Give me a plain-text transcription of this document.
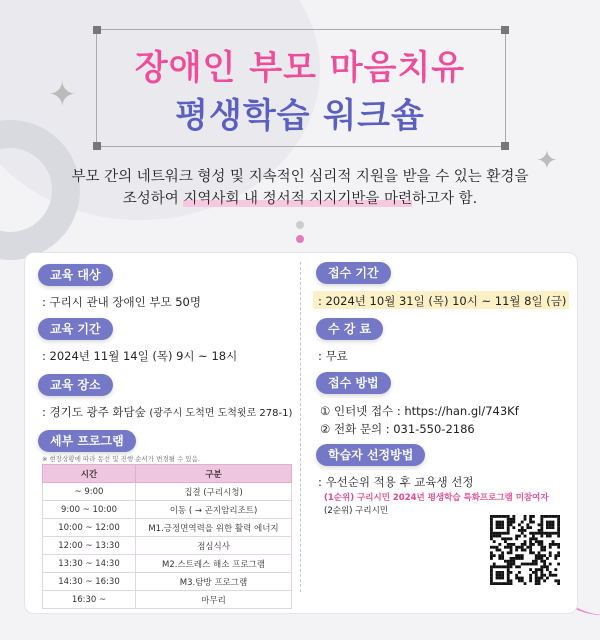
✦
✦
장애인 부모 마음치유
평생학습 워크숍
부모 간의 네트워크 형성 및 지속적인 심리적 지원을 받을 수 있는 환경을
조성하여 지역사회 내 정서적 지지기반을 마련하고자 함.
교육 대상
: 구리시 관내 장애인 부모 50명
교육 기간
: 2024년 11월 14일 (목) 9시 ~ 18시
교육 장소
: 경기도 광주 화담숲 (광주시 도척면 도척윗로 278-1)
세부 프로그램
※ 현장상황에 따라 동선 및 진행 순서가 변경될 수 있음.
시간	구분
~ 9:00	집결 (구리시청)
9:00 ~ 10:00	이동 ( → 곤지암리조트)
10:00 ~ 12:00	M1.긍정면역력을 위한 활력 에너지
12:00 ~ 13:30	점심식사
13:30 ~ 14:30	M2.스트레스 해소 프로그램
14:30 ~ 16:30	M3.탐방 프로그램
16:30 ~	마무리
접수 기간
: 2024년 10월 31일 (목) 10시 ~ 11월 8일 (금)
수 강 료
: 무료
접수 방법
① 인터넷 접수 : https://han.gl/743Kf
② 전화 문의 : 031-550-2186
학습자 선정방법
: 우선순위 적용 후 교육생 선정
(1순위) 구리시민 2024년 평생학습 특화프로그램 미참여자
(2순위) 구리시민
